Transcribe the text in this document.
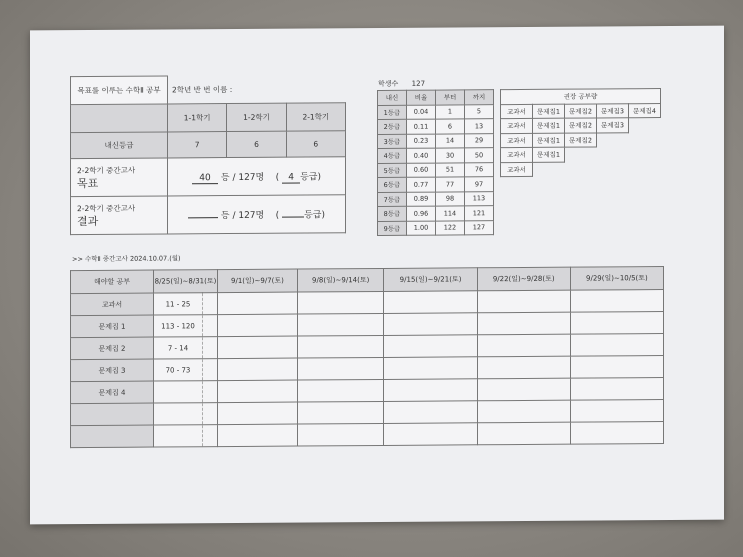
목표를 이루는 수학Ⅱ 공부	2학년 반 번 이름 :		
	1-1학기	1-2학기	2-1학기
내신등급	7	6	6
2-2학기 중간고사
목표	40 등 / 127명    ( 4 등급)		
2-2학기 중간고사
결과	등 / 127명    ( 등급)		
학생수 127
내신	비율	부터	까지
1등급	0.04	1	5
2등급	0.11	6	13
3등급	0.23	14	29
4등급	0.40	30	50
5등급	0.60	51	76
6등급	0.77	77	97
7등급	0.89	98	113
8등급	0.96	114	121
9등급	1.00	122	127
권장 공부량				
교과서	문제집1	문제집2	문제집3	문제집4

교과서	문제집1	문제집2	문제집3	

교과서	문제집1	문제집2		

교과서	문제집1			

교과서				
>> 수학Ⅱ 중간고사 2024.10.07.(월)
해야할 공부	8/25(일)~8/31(토)		9/1(일)~9/7(토)	9/8(일)~9/14(토)	9/15(일)~9/21(토)	9/22(일)~9/28(토)	9/29(일)~10/5(토)
교과서	11 - 25						
문제집 1	113 - 120						
문제집 2	7 - 14						
문제집 3	70 - 73						
문제집 4							
